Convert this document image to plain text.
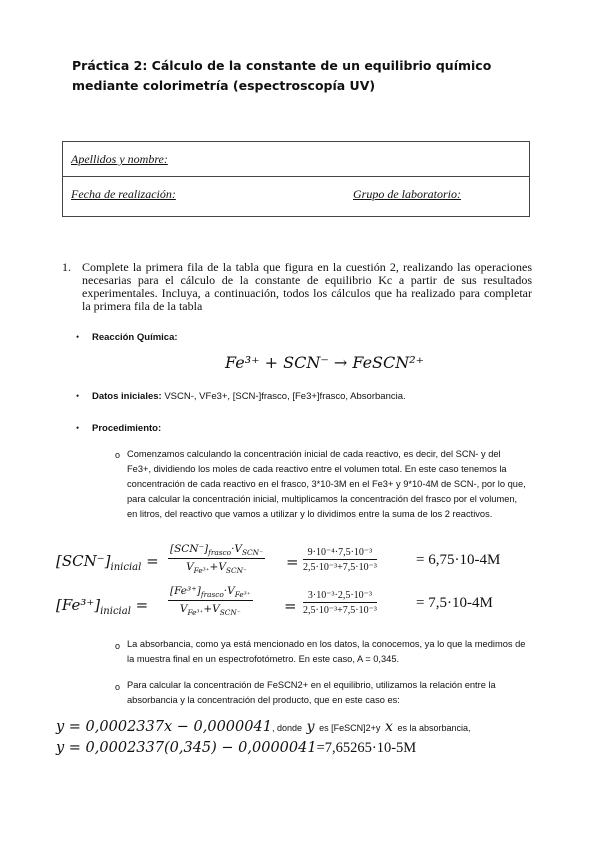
Práctica 2: Cálculo de la constante de un equilibrio químico mediante colorimetría (espectroscopía UV)
Apellidos y nombre:
Fecha de realización:	Grupo de laboratorio:
1. Complete la primera fila de la tabla que figura en la cuestión 2, realizando las operaciones necesarias para el cálculo de la constante de equilibrio Kc a partir de sus resultados experimentales. Incluya, a continuación, todos los cálculos que ha realizado para completar la primera fila de la tabla
• Reacción Química:
Fe³⁺ + SCN⁻ → FeSCN²⁺
• Datos iniciales: VSCN-, VFe3+, [SCN-]frasco, [Fe3+]frasco, Absorbancia.
• Procedimiento:
o Comenzamos calculando la concentración inicial de cada reactivo, es decir, del SCN- y del Fe3+, dividiendo los moles de cada reactivo entre el volumen total. En este caso tenemos la concentración de cada reactivo en el frasco, 3*10-3M en el Fe3+ y 9*10-4M de SCN-, por lo que, para calcular la concentración inicial, multiplicamos la concentración del frasco por el volumen, en litros, del reactivo que vamos a utilizar y lo dividimos entre la suma de los 2 reactivos.
$[SCN^-]_{inicial}$ =
$[SCN^-]_{frasco}\cdot V_{SCN^-}$
$V_{Fe^{3+}}+V_{SCN^-}$	= $\frac{\text{9·10⁻⁴·7,5·10⁻³}}{\text{2,5·10⁻³+7,5·10⁻³}}$	= 6,75·10-4M
$[Fe^{3+}]_{inicial}$ =
$[Fe^{3+}]_{frasco}\cdot V_{Fe^{3+}}$
$V_{Fe^{3+}}+V_{SCN^-}$	= $\frac{\text{3·10⁻³·2,5·10⁻³}}{\text{2,5·10⁻³+7,5·10⁻³}}$	= 7,5·10-4M
o La absorbancia, como ya está mencionado en los datos, la conocemos, ya lo que la medimos de la muestra final en un espectrofotómetro. En este caso, A = 0,345.
o Para calcular la concentración de FeSCN2+ en el equilibrio, utilizamos la relación entre la absorbancia y la concentración del producto, que en este caso es:
y = 0,0002337x − 0,0000041, donde y es [FeSCN]2+y x es la absorbancia,
y = 0,0002337(0,345) − 0,0000041=7,65265·10-5M
